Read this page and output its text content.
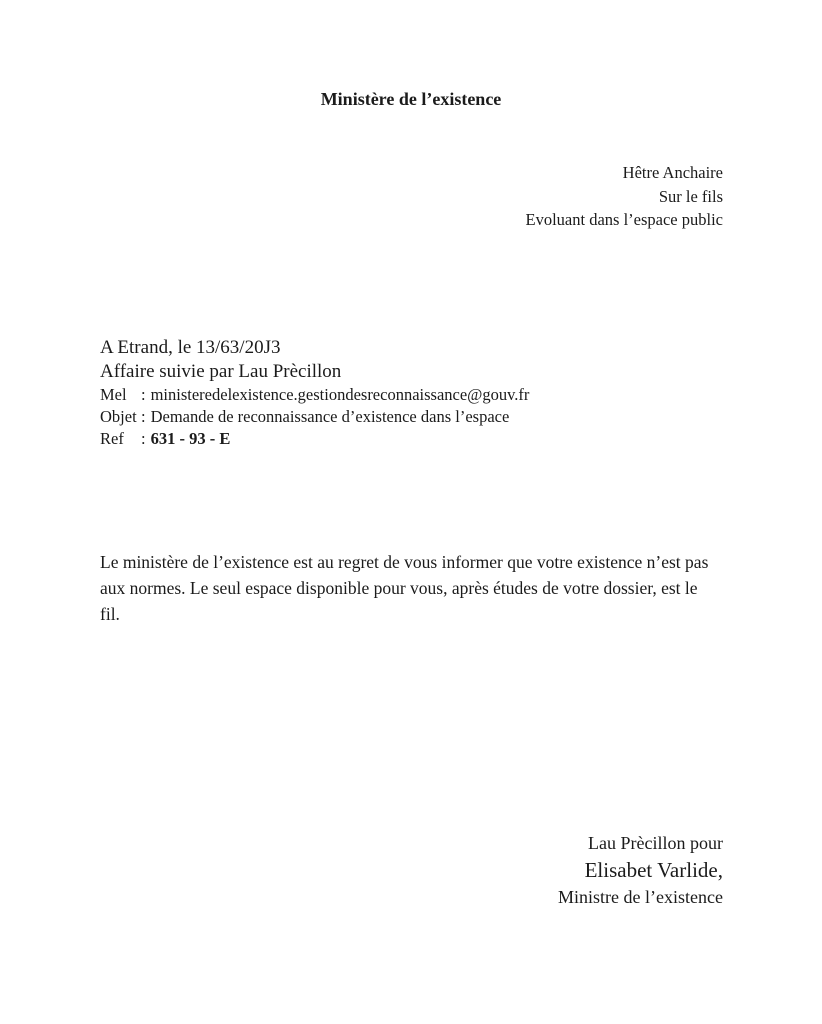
Ministère de l’existence
Hêtre Anchaire
Sur le fils
Evoluant dans l’espace public
A Etrand, le 13/63/20J3
Affaire suivie par Lau Prècillon
Mel : ministeredelexistence.gestiondesreconnaissance@gouv.fr
Objet : Demande de reconnaissance d’existence dans l’espace
Ref : 631 - 93 - E

Le ministère de l’existence est au regret de vous informer que votre existence n’est pas aux normes. Le seul espace disponible pour vous, après études de votre dossier, est le fil.

Lau Prècillon pour
Elisabet Varlide,
Ministre de l’existence
